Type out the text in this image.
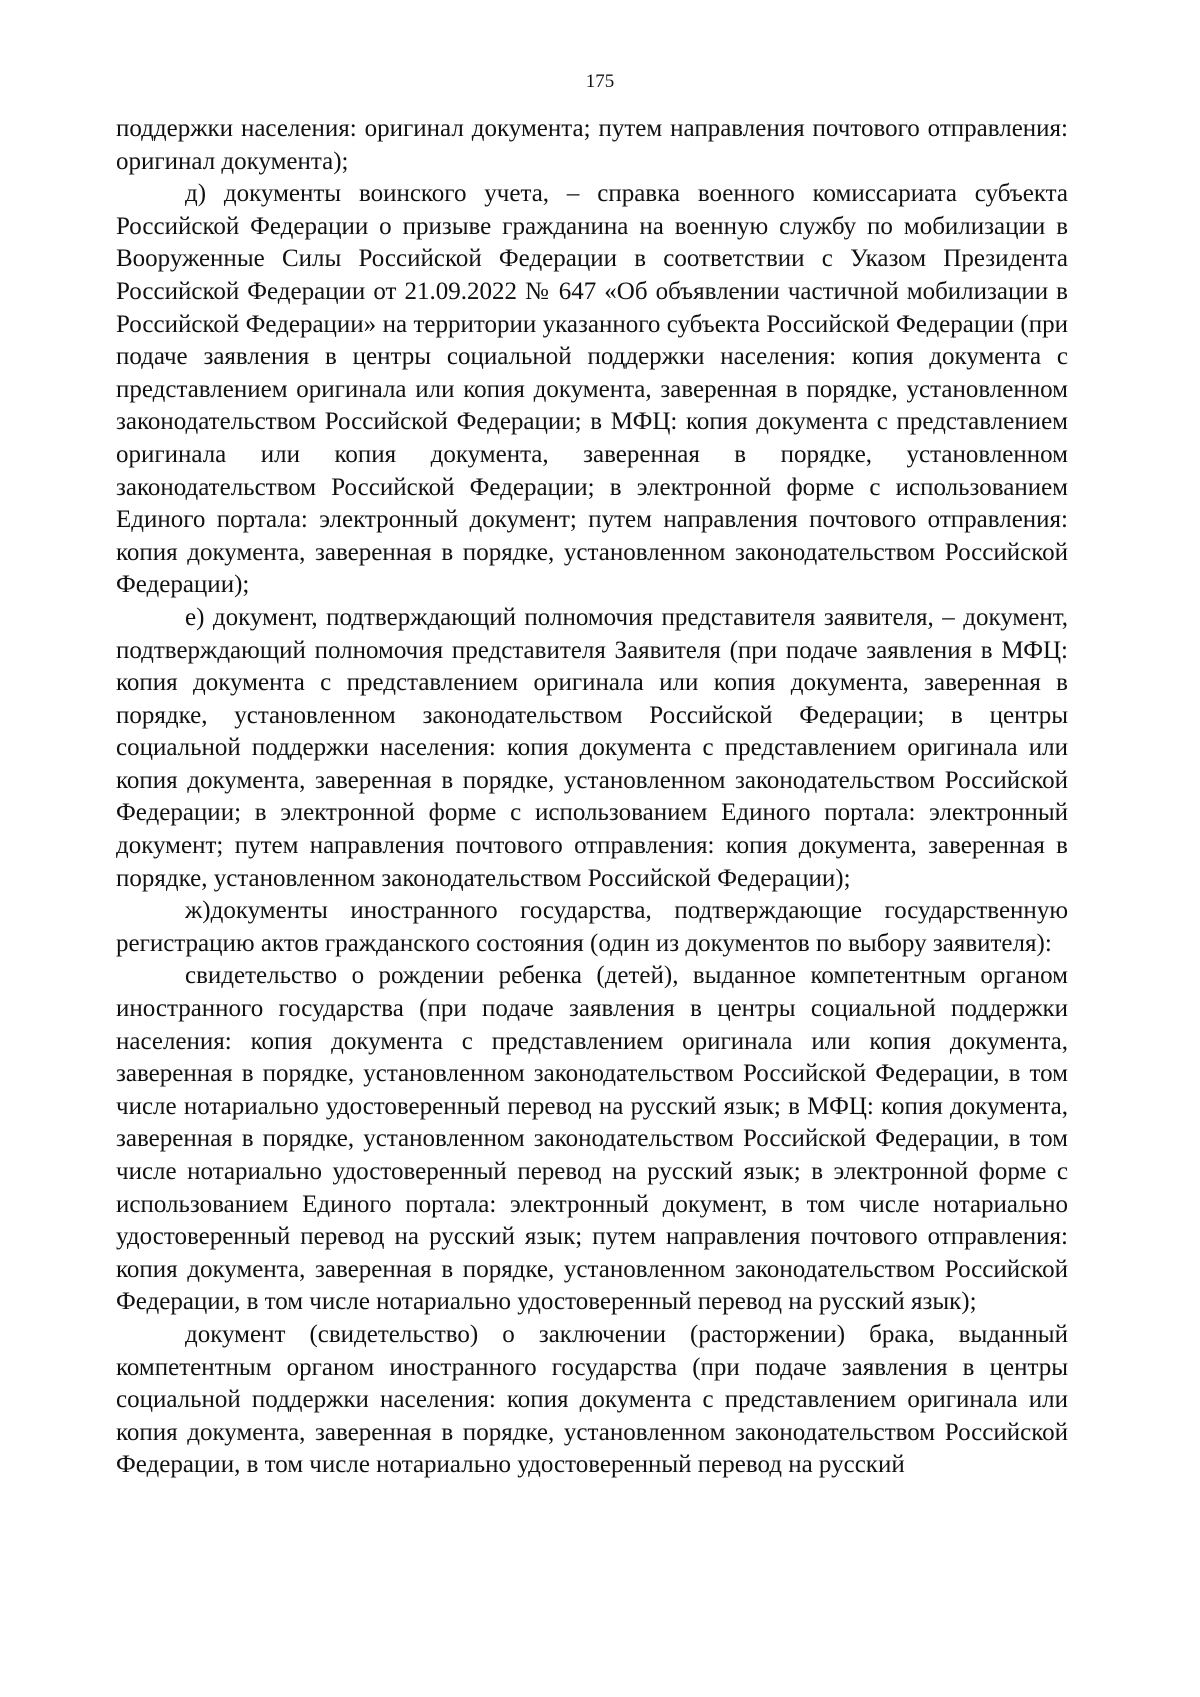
175

поддержки населения: оригинал документа; путем направления почтового отправления: оригинал документа);

д) документы воинского учета, – справка военного комиссариата субъекта Российской Федерации о призыве гражданина на военную службу по мобилизации в Вооруженные Силы Российской Федерации в соответствии с Указом Президента Российской Федерации от 21.09.2022 № 647 «Об объявлении частичной мобилизации в Российской Федерации» на территории указанного субъекта Российской Федерации (при подаче заявления в центры социальной поддержки населения: копия документа с представлением оригинала или копия документа, заверенная в порядке, установленном законодательством Российской Федерации; в МФЦ: копия документа с представлением оригинала или копия документа, заверенная в порядке, установленном законодательством Российской Федерации; в электронной форме с использованием Единого портала: электронный документ; путем направления почтового отправления: копия документа, заверенная в порядке, установленном законодательством Российской Федерации);

е) документ, подтверждающий полномочия представителя заявителя, – документ, подтверждающий полномочия представителя Заявителя (при подаче заявления в МФЦ: копия документа с представлением оригинала или копия документа, заверенная в порядке, установленном законодательством Российской Федерации; в центры социальной поддержки населения: копия документа с представлением оригинала или копия документа, заверенная в порядке, установленном законодательством Российской Федерации; в электронной форме с использованием Единого портала: электронный документ; путем направления почтового отправления: копия документа, заверенная в порядке, установленном законодательством Российской Федерации);

ж)документы иностранного государства, подтверждающие государственную регистрацию актов гражданского состояния (один из документов по выбору заявителя):

свидетельство о рождении ребенка (детей), выданное компетентным органом иностранного государства (при подаче заявления в центры социальной поддержки населения: копия документа с представлением оригинала или копия документа, заверенная в порядке, установленном законодательством Российской Федерации, в том числе нотариально удостоверенный перевод на русский язык; в МФЦ: копия документа, заверенная в порядке, установленном законодательством Российской Федерации, в том числе нотариально удостоверенный перевод на русский язык; в электронной форме с использованием Единого портала: электронный документ, в том числе нотариально удостоверенный перевод на русский язык; путем направления почтового отправления: копия документа, заверенная в порядке, установленном законодательством Российской Федерации, в том числе нотариально удостоверенный перевод на русский язык);

документ (свидетельство) о заключении (расторжении) брака, выданный компетентным органом иностранного государства (при подаче заявления в центры социальной поддержки населения: копия документа с представлением оригинала или копия документа, заверенная в порядке, установленном законодательством Российской Федерации, в том числе нотариально удостоверенный перевод на русский
